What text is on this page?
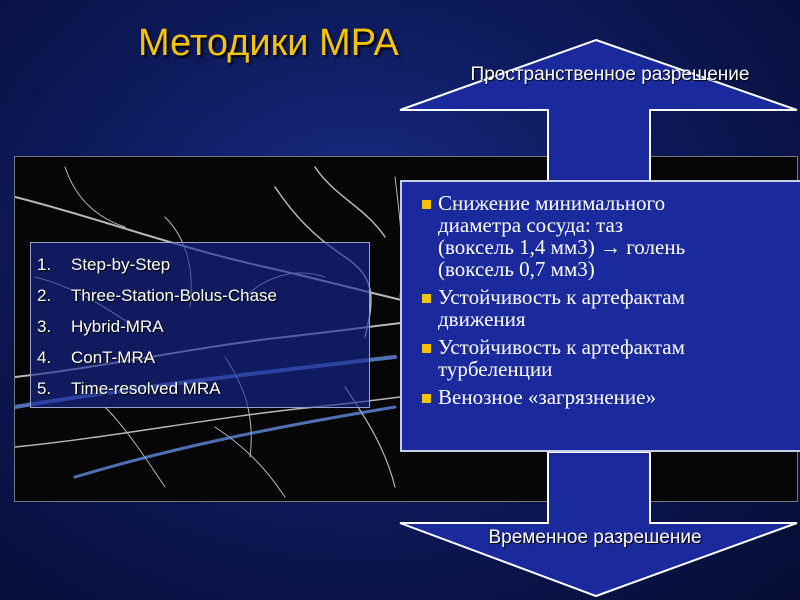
Методики МРА
1. Step-by-Step
2. Three-Station-Bolus-Chase
3. Hybrid-MRA
4. ConT-MRA
5. Time-resolved MRA
Снижение минимального
диаметра сосуда: таз
(воксель 1,4 мм3) → голень
(воксель 0,7 мм3)
Устойчивость к артефактам
движения
Устойчивость к артефактам
турбеленции
Венозное «загрязнение»
Пространственное разрешение
Временное разрешение
